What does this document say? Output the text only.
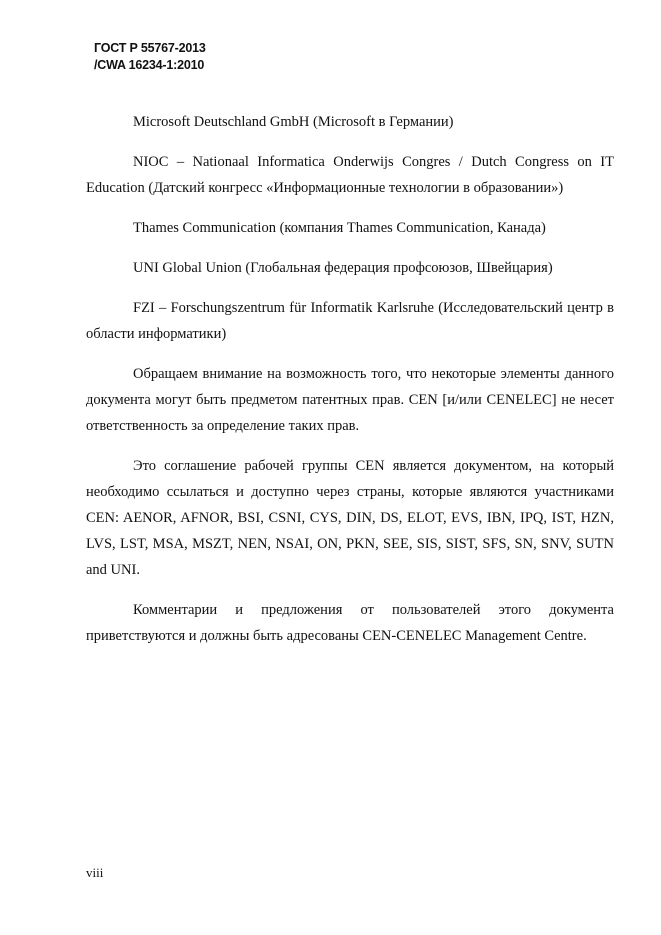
ГОСТ Р 55767-2013
/CWA 16234-1:2010

Microsoft Deutschland GmbH (Microsoft в Германии)

NIOC – Nationaal Informatica Onderwijs Congres / Dutch Congress on IT Education (Датский конгресс «Информационные технологии в образовании»)

Thames Communication (компания Thames Communication, Канада)

UNI Global Union (Глобальная федерация профсоюзов, Швейцария)

FZI – Forschungszentrum für Informatik Karlsruhe (Исследовательский центр в области информатики)

Обращаем внимание на возможность того, что некоторые элементы данного документа могут быть предметом патентных прав. CEN [и/или CENELEC] не несет ответственность за определение таких прав.

Это соглашение рабочей группы CEN является документом, на который необходимо ссылаться и доступно через страны, которые являются участниками CEN: AENOR, AFNOR, BSI, CSNI, CYS, DIN, DS, ELOT, EVS, IBN, IPQ, IST, HZN, LVS, LST, MSA, MSZT, NEN, NSAI, ON, PKN, SEE, SIS, SIST, SFS, SN, SNV, SUTN and UNI.

Комментарии и предложения от пользователей этого документа приветствуются и должны быть адресованы CEN-CENELEC Management Centre.

viii
